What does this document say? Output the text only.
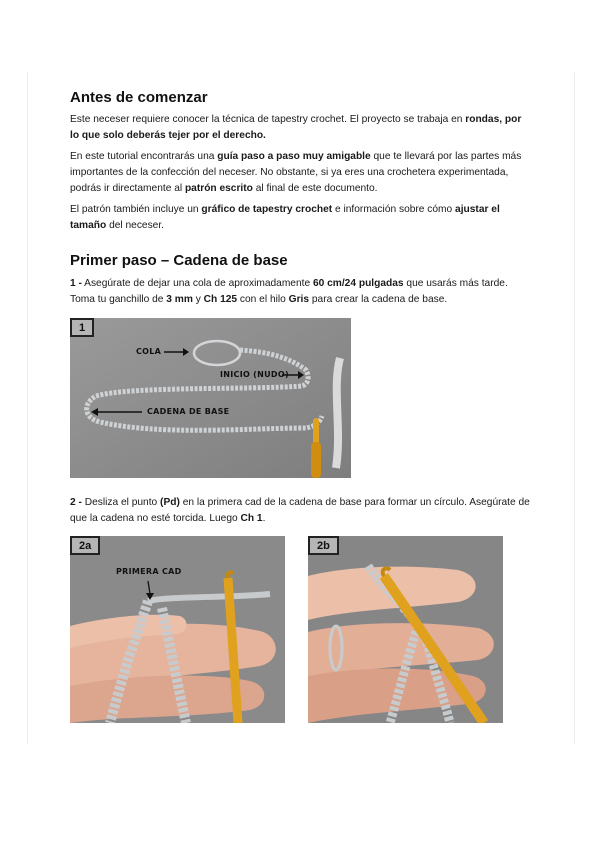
Antes de comenzar

Este neceser requiere conocer la técnica de tapestry crochet. El proyecto se trabaja en rondas, por lo que solo deberás tejer por el derecho.

En este tutorial encontrarás una guía paso a paso muy amigable que te llevará por las partes más importantes de la confección del neceser. No obstante, si ya eres una crochetera experimentada, podrás ir directamente al patrón escrito al final de este documento.

El patrón también incluye un gráfico de tapestry crochet e información sobre cómo ajustar el tamaño del neceser.

Primer paso – Cadena de base

1 - Asegúrate de dejar una cola de aproximadamente 60 cm/24 pulgadas que usarás más tarde. Toma tu ganchillo de 3 mm y Ch 125 con el hilo Gris para crear la cadena de base.

1
COLA
INICIO (NUDO)
CADENA DE BASE

2 - Desliza el punto (Pd) en la primera cad de la cadena de base para formar un círculo. Asegúrate de que la cadena no esté torcida. Luego Ch 1.

2a
PRIMERA CAD
2b
